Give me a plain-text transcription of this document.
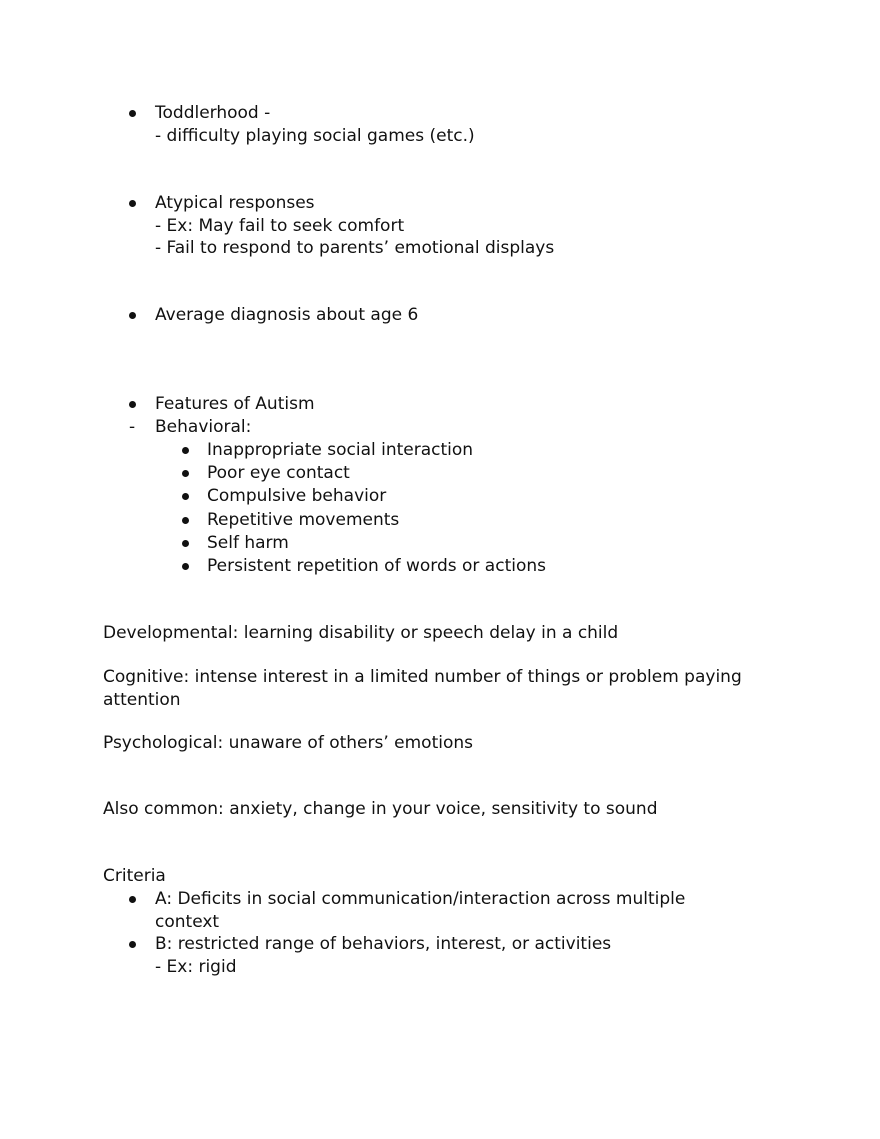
Toddlerhood -
- difficulty playing social games (etc.)
Atypical responses
- Ex: May fail to seek comfort
- Fail to respond to parents’ emotional displays
Average diagnosis about age 6
Features of Autism
- Behavioral:
Inappropriate social interaction
Poor eye contact
Compulsive behavior
Repetitive movements
Self harm
Persistent repetition of words or actions
Developmental: learning disability or speech delay in a child
Cognitive: intense interest in a limited number of things or problem paying attention
Psychological: unaware of others’ emotions
Also common: anxiety, change in your voice, sensitivity to sound
Criteria
A: Deficits in social communication/interaction across multiple context
B: restricted range of behaviors, interest, or activities
- Ex: rigid
